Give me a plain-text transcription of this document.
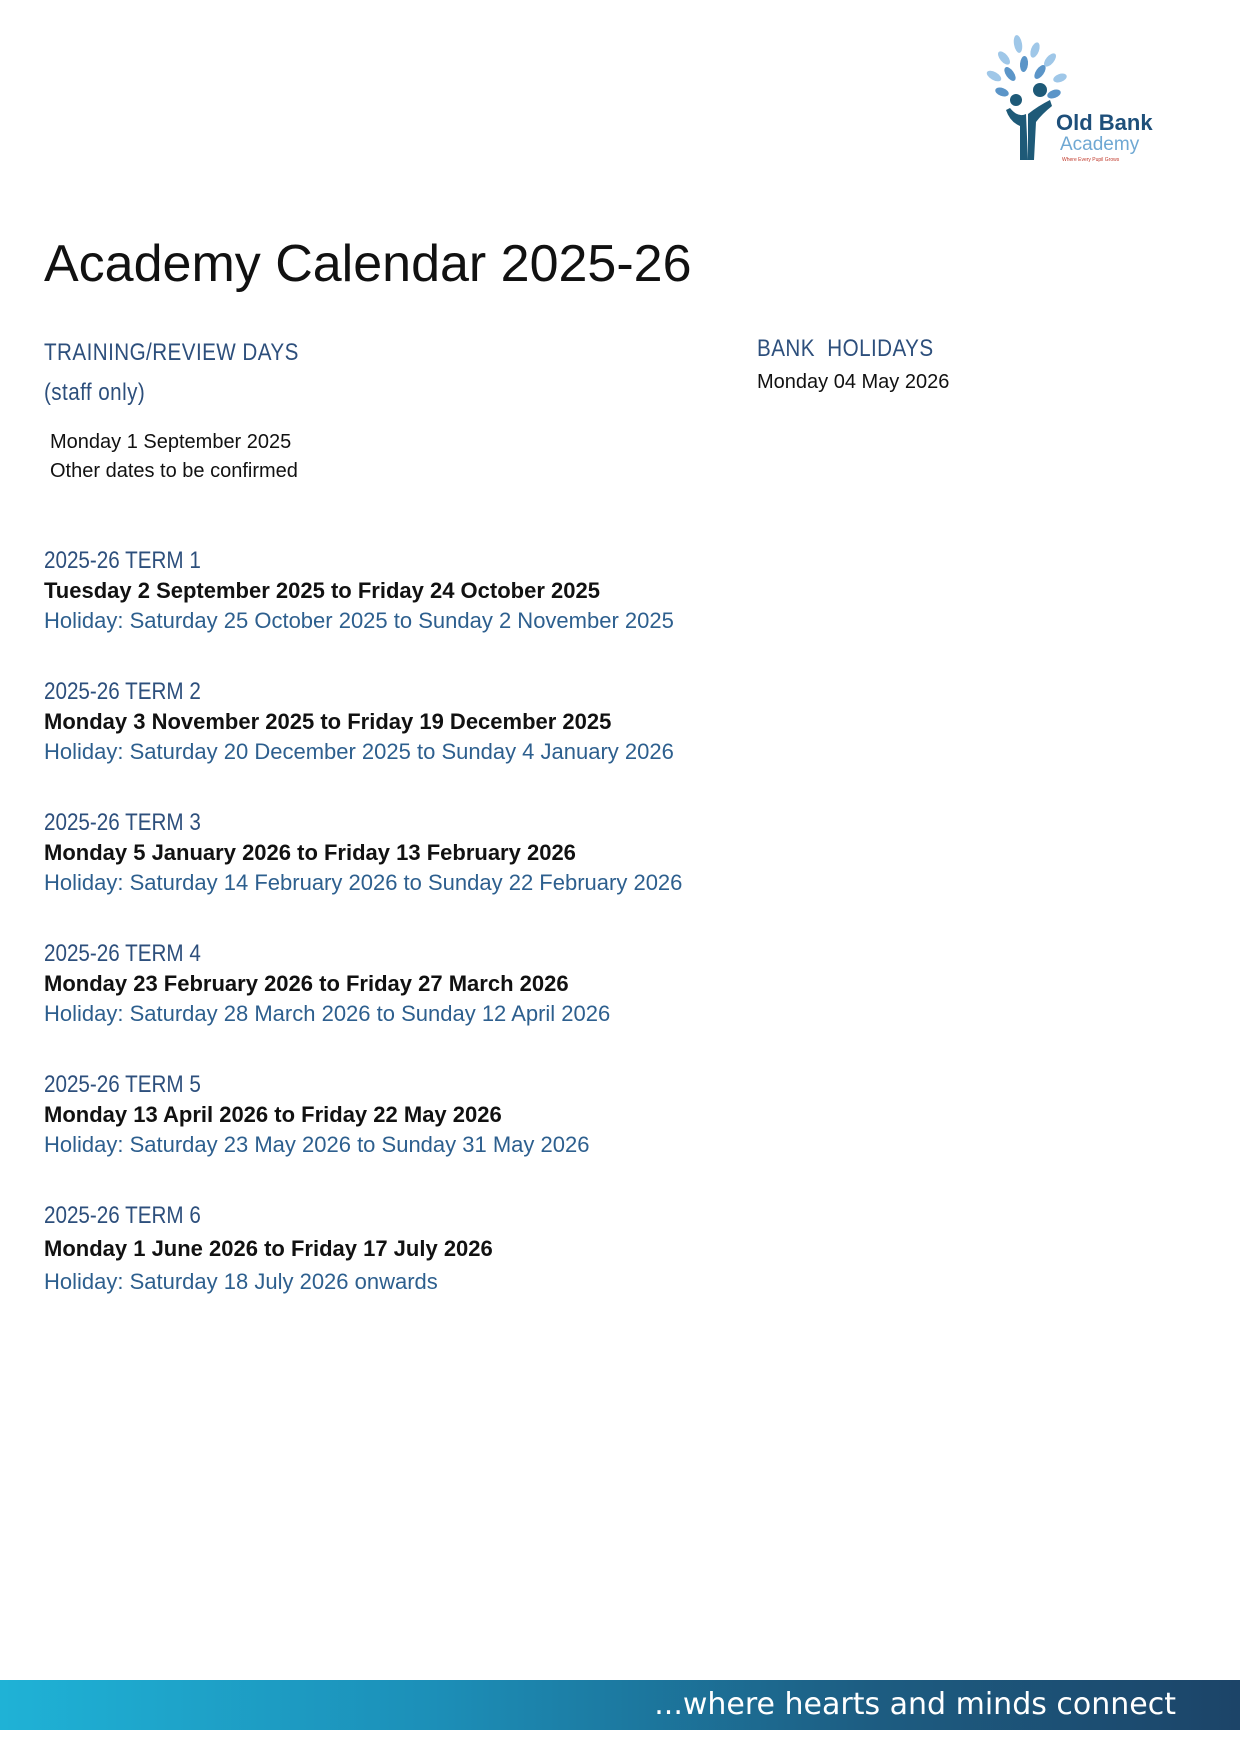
Old Bank
Academy
Where Every Pupil Grows
Academy Calendar 2025-26
TRAINING/REVIEW DAYS
(staff only)
Monday 1 September 2025
Other dates to be confirmed
BANK  HOLIDAYS
Monday 04 May 2026
2025-26 TERM 1
Tuesday 2 September 2025 to Friday 24 October 2025
Holiday: Saturday 25 October 2025 to Sunday 2 November 2025
2025-26 TERM 2
Monday 3 November 2025 to Friday 19 December 2025
Holiday: Saturday 20 December 2025 to Sunday 4 January 2026
2025-26 TERM 3
Monday 5 January 2026 to Friday 13 February 2026
Holiday: Saturday 14 February 2026 to Sunday 22 February 2026
2025-26 TERM 4
Monday 23 February 2026 to Friday 27 March 2026
Holiday: Saturday 28 March 2026 to Sunday 12 April 2026
2025-26 TERM 5
Monday 13 April 2026 to Friday 22 May 2026
Holiday: Saturday 23 May 2026 to Sunday 31 May 2026
2025-26 TERM 6
Monday 1 June 2026 to Friday 17 July 2026
Holiday: Saturday 18 July 2026 onwards
...where hearts and minds connect
